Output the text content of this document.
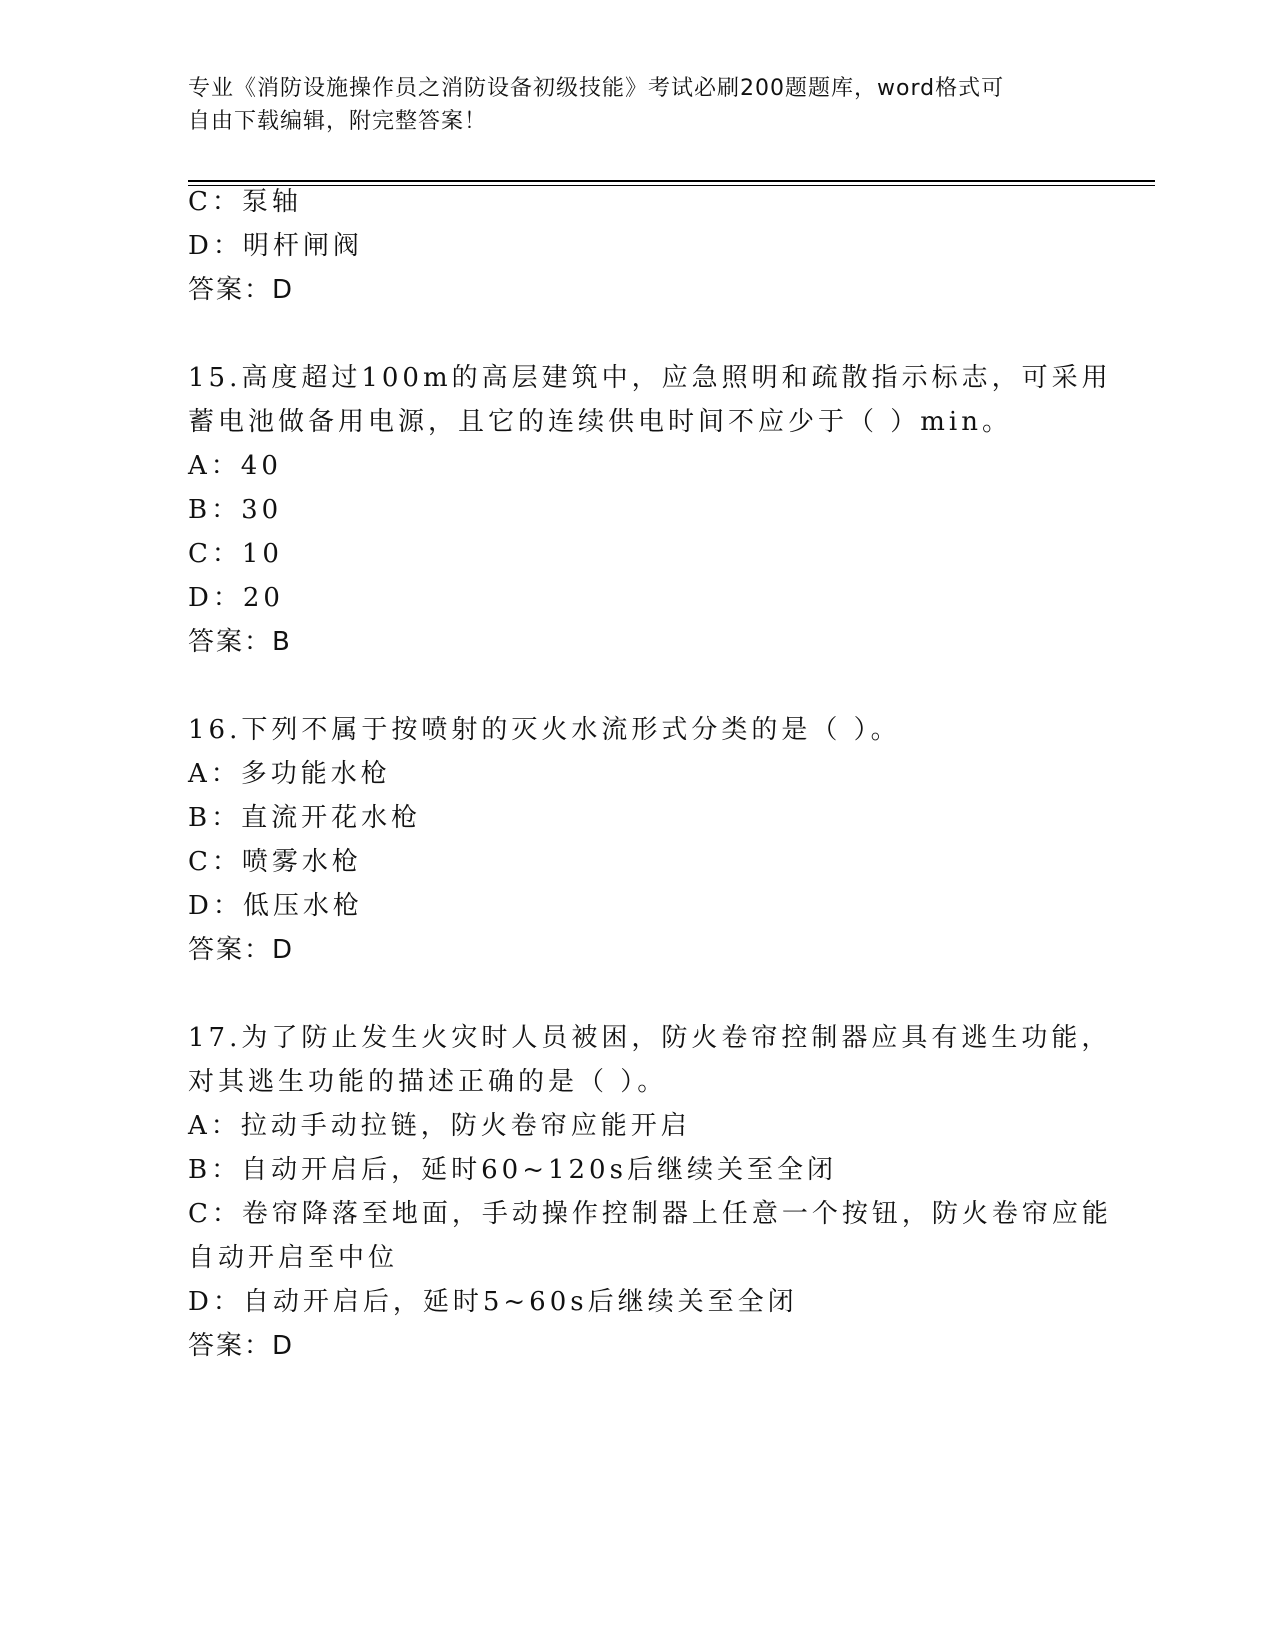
专业《消防设施操作员之消防设备初级技能》考试必刷200题题库，word格式可
自由下载编辑，附完整答案！
C：泵轴
D：明杆闸阀
答案：D
15.高度超过100m的高层建筑中，应急照明和疏散指示标志，可采用
蓄电池做备用电源，且它的连续供电时间不应少于（ ）min。
A：40
B：30
C：10
D：20
答案：B
16.下列不属于按喷射的灭火水流形式分类的是（ ）。
A：多功能水枪
B：直流开花水枪
C：喷雾水枪
D：低压水枪
答案：D
17.为了防止发生火灾时人员被困，防火卷帘控制器应具有逃生功能，
对其逃生功能的描述正确的是（ ）。
A：拉动手动拉链，防火卷帘应能开启
B：自动开启后，延时60~120s后继续关至全闭
C：卷帘降落至地面，手动操作控制器上任意一个按钮，防火卷帘应能
自动开启至中位
D：自动开启后，延时5~60s后继续关至全闭
答案：D
